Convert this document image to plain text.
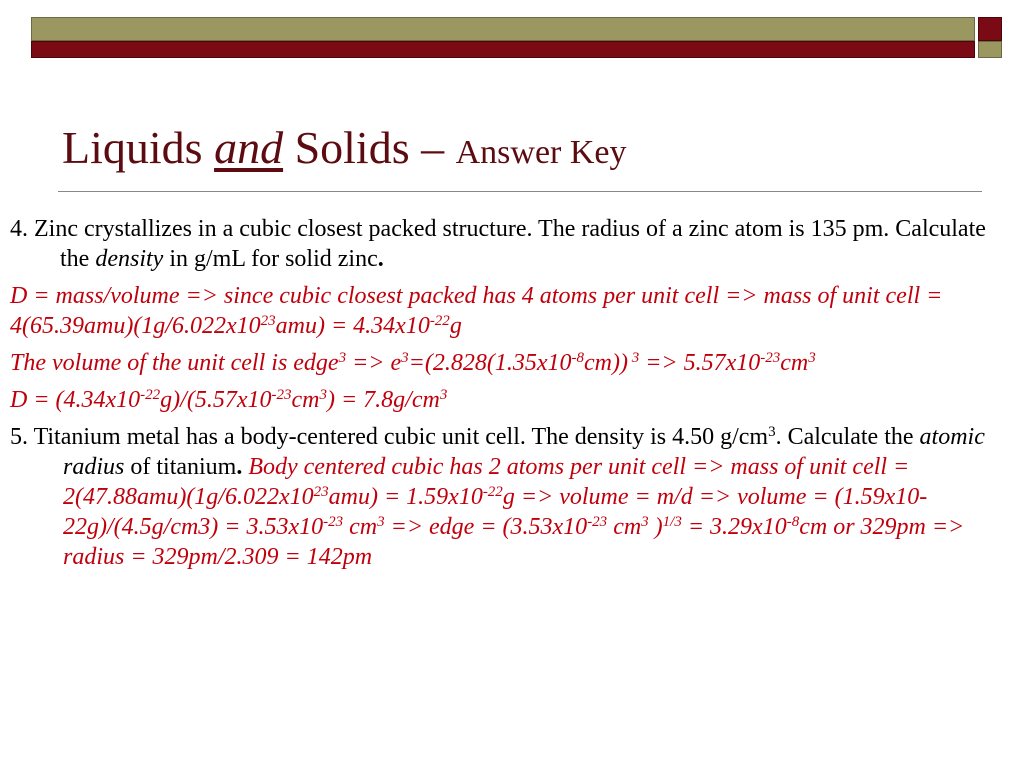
Liquids and Solids – Answer Key

4. Zinc crystallizes in a cubic closest packed structure. The radius of a zinc atom is 135 pm. Calculate the density in g/mL for solid zinc.

D = mass/volume => since cubic closest packed has 4 atoms per unit cell => mass of unit cell = $4(65.39amu)(1g/6.022x10^{23}amu) = 4.34x10^{-22}g$

The volume of the unit cell is edge$^3$ => $e^3=(2.828(1.35x10^{-8}cm)) ^3 => 5.57x10^{-23}cm^3$

$D = (4.34x10^{-22}g)/(5.57x10^{-23}cm^3) = 7.8g/cm^3$

5. Titanium metal has a body-centered cubic unit cell. The density is 4.50 $g/cm^3$. Calculate the atomic radius of titanium. Body centered cubic has 2 atoms per unit cell => mass of unit cell = $2(47.88amu)(1g/6.022x10^{23}amu) = 1.59x10^{-22}g$ => volume = m/d => volume = $(1.59x10-22g)/(4.5g/cm3) = 3.53x10^{-23}$ $cm^3$ => edge = ($3.53x10^{-23}$ $cm^3$ )$^{1/3} = 3.29x10^{-8}cm$ or 329pm => radius = 329pm/2.309 = 142pm
